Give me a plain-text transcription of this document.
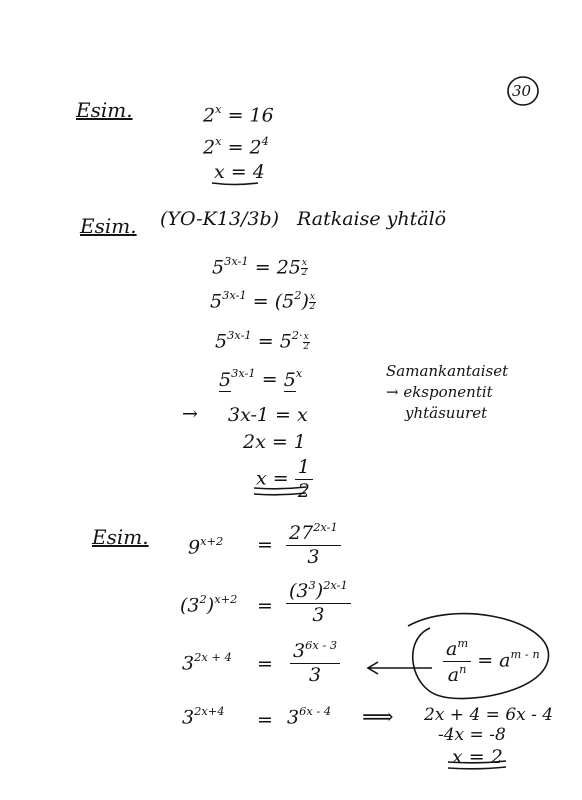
30
Esim.	$2^x = 16$
$2^x = 2^4$
x = 4
Esim. (YO-K13/3b) Ratkaise yhtälö
$5^{3x-1} = 25 \frac{x}{2}$
$5^{3x-1} = (5^2) \frac{x}{2}$
$5^{3x-1} = 5^{2\cdot} \frac{x}{2}$
$5^{3x-1} = 5^x$
→ 3x-1 = x
2x = 1
$x = \frac{1}{2}$
Samankantaiset
→ eksponentit
yhtäsuuret
Esim. $9^{x+2} = \frac{27^{2x-1}}{3}$
$(3^2)^{x+2} = \frac{(3^3)^{2x-1}}{3}$
$3^{2x + 4} = \frac{3^{6x - 3}}{3}$
$3^{2x+4} = 3^{6x - 4}$
$\frac{a^m}{a^n} = a^{m - n}$
⟹ 2x + 4 = 6x - 4
-4x = -8
x = 2
